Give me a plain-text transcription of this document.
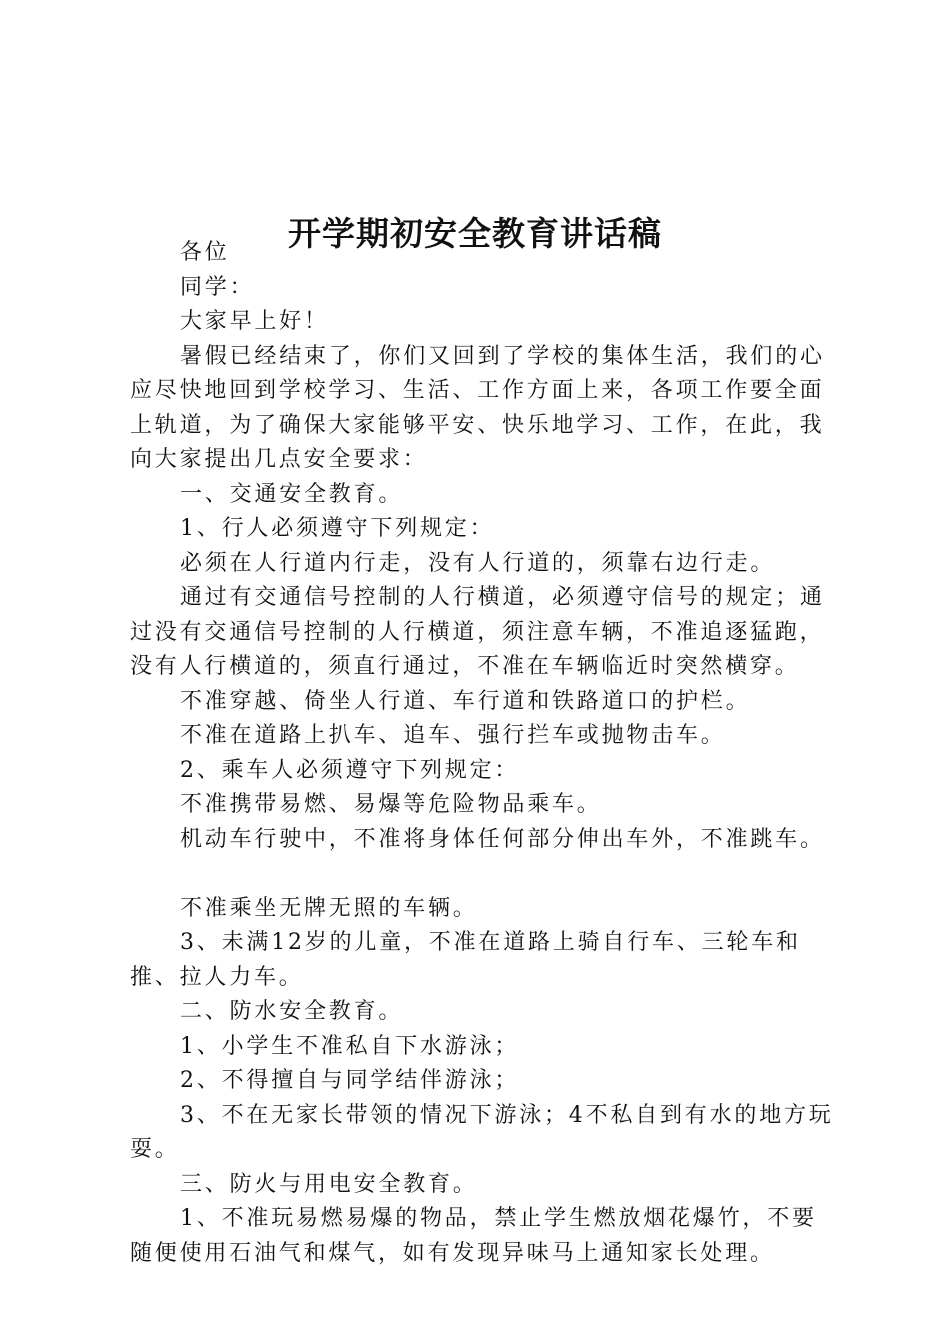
开学期初安全教育讲话稿

各位

同学：

大家早上好！

暑假已经结束了，你们又回到了学校的集体生活，我们的心应尽快地回到学校学习、生活、工作方面上来，各项工作要全面上轨道，为了确保大家能够平安、快乐地学习、工作，在此，我向大家提出几点安全要求：

一、交通安全教育。

1、行人必须遵守下列规定：

必须在人行道内行走，没有人行道的，须靠右边行走。

通过有交通信号控制的人行横道，必须遵守信号的规定；通过没有交通信号控制的人行横道，须注意车辆，不准追逐猛跑，没有人行横道的，须直行通过，不准在车辆临近时突然横穿。

不准穿越、倚坐人行道、车行道和铁路道口的护栏。

不准在道路上扒车、追车、强行拦车或抛物击车。

2、乘车人必须遵守下列规定：

不准携带易燃、易爆等危险物品乘车。

机动车行驶中，不准将身体任何部分伸出车外，不准跳车。

不准乘坐无牌无照的车辆。

3、未满12岁的儿童，不准在道路上骑自行车、三轮车和推、拉人力车。

二、防水安全教育。

1、小学生不准私自下水游泳；

2、不得擅自与同学结伴游泳；

3、不在无家长带领的情况下游泳；4不私自到有水的地方玩耍。

三、防火与用电安全教育。

1、不准玩易燃易爆的物品，禁止学生燃放烟花爆竹，不要随便使用石油气和煤气，如有发现异味马上通知家长处理。
